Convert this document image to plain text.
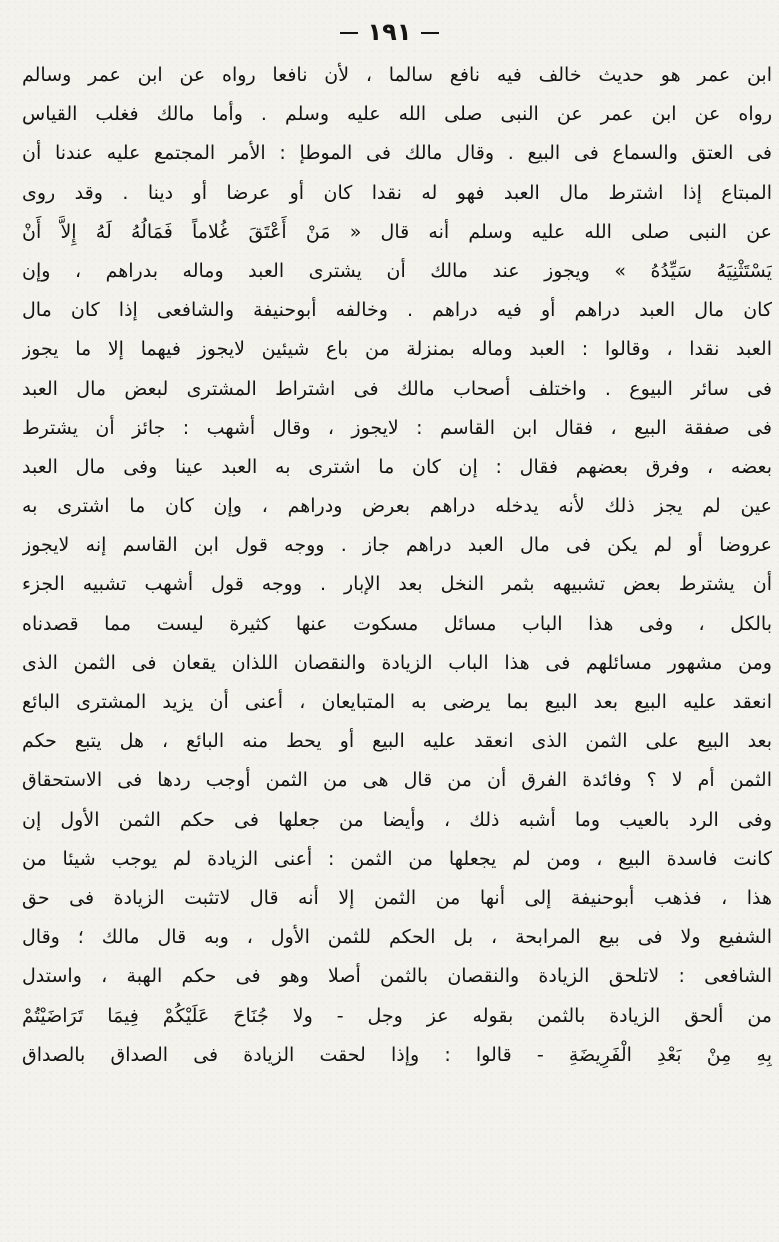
١٩١
ابن عمر هو حديث خالف فيه نافع سالما ، لأن نافعا رواه عن ابن عمر وسالم
رواه عن ابن عمر عن النبى صلى الله عليه وسلم . وأما مالك فغلب القياس
فى العتق والسماع فى البيع . وقال مالك فى الموطإ : الأمر المجتمع عليه عندنا أن
المبتاع إذا اشترط مال العبد فهو له نقدا كان أو عرضا أو دينا . وقد روى
عن النبى صلى الله عليه وسلم أنه قال « مَنْ أَعْتَقَ غُلاماً فَمَالُهُ لَهُ إِلاَّ أَنْ
يَسْتَثْنِيَهُ سَيِّدُهُ » ويجوز عند مالك أن يشترى العبد وماله بدراهم ، وإن
كان مال العبد دراهم أو فيه دراهم . وخالفه أبوحنيفة والشافعى إذا كان مال
العبد نقدا ، وقالوا : العبد وماله بمنزلة من باع شيئين لايجوز فيهما إلا ما يجوز
فى سائر البيوع . واختلف أصحاب مالك فى اشتراط المشترى لبعض مال العبد
فى صفقة البيع ، فقال ابن القاسم : لايجوز ، وقال أشهب : جائز أن يشترط
بعضه ، وفرق بعضهم فقال : إن كان ما اشترى به العبد عينا وفى مال العبد
عين لم يجز ذلك لأنه يدخله دراهم بعرض ودراهم ، وإن كان ما اشترى به
عروضا أو لم يكن فى مال العبد دراهم جاز . ووجه قول ابن القاسم إنه لايجوز
أن يشترط بعض تشبيهه بثمر النخل بعد الإبار . ووجه قول أشهب تشبيه الجزء
بالكل ، وفى هذا الباب مسائل مسكوت عنها كثيرة ليست مما قصدناه
ومن مشهور مسائلهم فى هذا الباب الزيادة والنقصان اللذان يقعان فى الثمن الذى
انعقد عليه البيع بعد البيع بما يرضى به المتبايعان ، أعنى أن يزيد المشترى البائع
بعد البيع على الثمن الذى انعقد عليه البيع أو يحط منه البائع ، هل يتبع حكم
الثمن أم لا ؟ وفائدة الفرق أن من قال هى من الثمن أوجب ردها فى الاستحقاق
وفى الرد بالعيب وما أشبه ذلك ، وأيضا من جعلها فى حكم الثمن الأول إن
كانت فاسدة البيع ، ومن لم يجعلها من الثمن : أعنى الزيادة لم يوجب شيئا من
هذا ، فذهب أبوحنيفة إلى أنها من الثمن إلا أنه قال لاتثبت الزيادة فى حق
الشفيع ولا فى بيع المرابحة ، بل الحكم للثمن الأول ، وبه قال مالك ؛ وقال
الشافعى : لاتلحق الزيادة والنقصان بالثمن أصلا وهو فى حكم الهبة ، واستدل
من ألحق الزيادة بالثمن بقوله عز وجل - ولا جُنَاحَ عَلَيْكُمْ فِيمَا تَرَاضَيْتُمْ
بِهِ مِنْ بَعْدِ الْفَرِيضَةِ - قالوا : وإذا لحقت الزيادة فى الصداق بالصداق
